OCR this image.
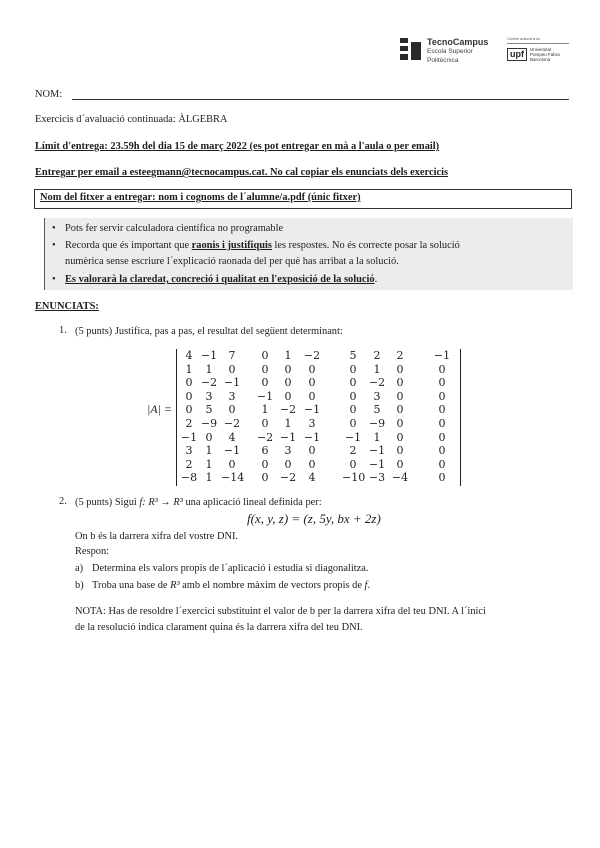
TecnoCampus
Escola Superior
Politècnica
Centre adscrit a la:
upf	Universitat
Pompeu Fabra
Barcelona
NOM:
Exercicis d´avaluació continuada: ÀLGEBRA
Límit d'entrega: 23.59h del dia 15 de març 2022 (es pot entregar en mà a l'aula o per email)
Entregar per email a esteegmann@tecnocampus.cat. No cal copiar els enunciats dels exercicis
Nom del fitxer a entregar: nom i cognoms de l´alumne/a.pdf (únic fitxer)
• Pots fer servir calculadora científica no programable
• Recorda que és important que raonis i justifiquis les respostes. No és correcte posar la solució
numèrica sense escriure l´explicació raonada del per què has arribat a la solució.
• Es valorarà la claredat, concreció i qualitat en l'exposició de la solució.
ENUNCIATS:
1. (5 punts) Justifica, pas a pas, el resultat del següent determinant:
|A| =
4 −1	7	0	1	−2	5	2	2	−1
1	1	0	0	0	0	0	1	0	0
0 −2 −1	0	0	0	0	−2	0	0
0	3	3	−1	0	0	0	3	0	0
0	5	0	1	−2 −1	0	5	0	0
2 −9 −2	0	1	3	0	−9	0	0
−1 0	4	−2 −1 −1 −1	1	0	0
3	1	−1	6	3	0	2	−1	0	0
2	1	0	0	0	0	0	−1	0	0
−8 1 −14	0	−2	4	−10 −3 −4	0
2. (5 punts) Sigui f: R³ → R³ una aplicació lineal definida per:
f(x, y, z) = (z, 5y, bx + 2z)
On b és la darrera xifra del vostre DNI.
Respon:
a) Determina els valors propis de l´aplicació i estudia si diagonalitza.
b) Troba una base de R³ amb el nombre màxim de vectors propis de f.
NOTA: Has de resoldre l´exercici substituint el valor de b per la darrera xifra del teu DNI. A l´inici
de la resolució indica clarament quina és la darrera xifra del teu DNI.
